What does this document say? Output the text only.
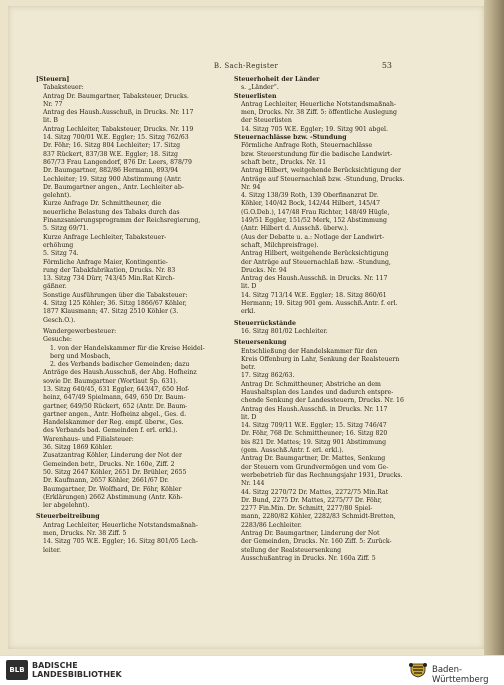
B. Sach-Register	53
[Steuern]
Tabaksteuer:
Antrag Dr. Baumgartner, Tabaksteuer, Drucks.
Nr. 77
Antrag des Haush.Ausschuß, in Drucks. Nr. 117
lit. B
Antrag Lechleiter, Tabaksteuer, Drucks. Nr. 119
14. Sitzg 700/01 W.E. Eggler; 15. Sitzg 762/63
Dr. Föhr; 16. Sitzg 804 Lechleiter; 17. Sitzg
837 Rückert, 837/38 W.E. Eggler; 18. Sitzg
867/73 Frau Langendorf, 876 Dr. Leers, 878/79
Dr. Baumgartner, 882/86 Hermann, 893/94
Lechleiter; 19. Sitzg 900 Abstimmung (Antr.
Dr. Baumgartner angen., Antr. Lechleiter ab-
gelehnt).
Kurze Anfrage Dr. Schmittheuner, die
neuerliche Belastung des Tabaks durch das
Finanzsanierungsprogramm der Reichsregierung,
5. Sitzg 69/71.
Kurze Anfrage Lechleiter, Tabaksteuer-
erhöhung
5. Sitzg 74.
Förmliche Anfrage Maier, Kontingentie-
rung der Tabakfabrikation, Drucks. Nr. 83
13. Sitzg 734 Dürr, 743/45 Min.Rat Kirch-
gäßner.
Sonstige Ausführungen über die Tabaksteuer:
4. Sitzg 125 Köhler; 36. Sitzg 1866/67 Köhler,
1877 Klausmann; 47. Sitzg 2510 Köhler (3.
Gesch.O.).
Wandergewerbesteuer:
Gesuche:
1. von der Handelskammer für die Kreise Heidel-
berg und Mosbach,
2. des Verbands badischer Gemeinden; dazu
Anträge des Haush.Ausschuß, der Abg. Hofheinz
sowie Dr. Baumgartner (Wortlaut Sp. 631).
13. Sitzg 640/45, 631 Eggler, 643/47, 650 Hof-
heinz, 647/49 Spielmann, 649, 650 Dr. Baum-
gartner, 649/50 Rückert, 652 (Antr. Dr. Baum-
gartner angen., Antr. Hofheinz abgel., Ges. d.
Handelskammer der Reg. empf. überw., Ges.
des Verbands bad. Gemeinden f. erl. erkl.).
Warenhaus- und Filialsteuer:
36. Sitzg 1869 Köhler.
Zusatzantrag Köhler, Linderung der Not der
Gemeinden betr., Drucks. Nr. 160e, Ziff. 2
50. Sitzg 2647 Köhler, 2651 Dr. Brühler, 2655
Dr. Kaufmann, 2657 Köhler, 2661/67 Dr.
Baumgartner, Dr. Wolfhard, Dr. Föhr, Köhler
(Erklärungen) 2662 Abstimmung (Antr. Köh-
ler abgelehnt).
Steuerbeitreibung
Antrag Lechleiter, Heuerliche Notstandsmaßnah-
men, Drucks. Nr. 38 Ziff. 5
14. Sitzg 705 W.E. Eggler; 16. Sitzg 801/05 Lech-
leiter.
Steuerhoheit der Länder
s. „Länder“.
Steuerlisten
Antrag Lechleiter, Heuerliche Notstandsmaßnah-
men, Drucks. Nr. 38 Ziff. 5: öffentliche Auslegung
der Steuerlisten
14. Sitzg 705 W.E. Eggler; 19. Sitzg 901 abgel.
Steuernachlässe bzw. -Stundung
Förmliche Anfrage Roth, Steuernachlässe
bzw. Steuerstundung für die badische Landwirt-
schaft betr., Drucks. Nr. 11
Antrag Hilbert, weitgehende Berücksichtigung der
Anträge auf Steuernachlaß bzw. -Stundung, Drucks.
Nr. 94
4. Sitzg 138/39 Roth, 139 Oberfinanzrat Dr.
Köhler, 140/42 Bock, 142/44 Hilbert, 145/47
(G.O.Deb.), 147/48 Frau Richter, 148/49 Hügle,
149/51 Eggler, 151/52 Merk, 152 Abstimmung
(Antr. Hilbert d. Ausschß. überw.).
(Aus der Debatte u. a.: Notlage der Landwirt-
schaft, Milchpreisfrage).
Antrag Hilbert, weitgehende Berücksichtigung
der Anträge auf Steuernachlaß bzw. -Stundung,
Drucks. Nr. 94
Antrag des Haush.Ausschß. in Drucks. Nr. 117
lit. D
14. Sitzg 713/14 W.E. Eggler; 18. Sitzg 860/61
Hermann; 19. Sitzg 901 gem. Ausschß.Antr. f. erl.
erkl.
Steuerrückstände
16. Sitzg 801/02 Lechleiter.
Steuersenkung
Entschließung der Handelskammer für den
Kreis Offenburg in Lahr, Senkung der Realsteuern
betr.
17. Sitzg 862/63.
Antrag Dr. Schmittheuner, Abstriche an dem
Haushaltsplan des Landes und dadurch entspre-
chende Senkung der Landessteuern, Drucks. Nr. 16
Antrag des Haush.Ausschß. in Drucks. Nr. 117
lit. D
14. Sitzg 709/11 W.E. Eggler; 15. Sitzg 746/47
Dr. Föhr, 768 Dr. Schmittheuner; 16. Sitzg 820
bis 821 Dr. Mattes; 19. Sitzg 901 Abstimmung
(gem. Ausschß.Antr. f. erl. erkl.).
Antrag Dr. Baumgartner, Dr. Mattes, Senkung
der Steuern vom Grundvermögen und vom Ge-
werbebetrieb für das Rechnungsjahr 1931, Drucks.
Nr. 144
44. Sitzg 2270/72 Dr. Mattes, 2272/75 Min.Rat
Dr. Bund, 2275 Dr. Mattes, 2275/77 Dr. Föhr,
2277 Fin.Min. Dr. Schmitt, 2277/80 Spiel-
mann, 2280/82 Köhler, 2282/83 Schmidt-Bretten,
2283/86 Lechleiter.
Antrag Dr. Baumgartner, Linderung der Not
der Gemeinden, Drucks. Nr. 160 Ziff. 5: Zurück-
stellung der Realsteuersenkung
Ausschußantrag in Drucks. Nr. 160a Ziff. 5
BLB BADISCHE
LANDESBIBLIOTHEK	Baden-Württemberg
